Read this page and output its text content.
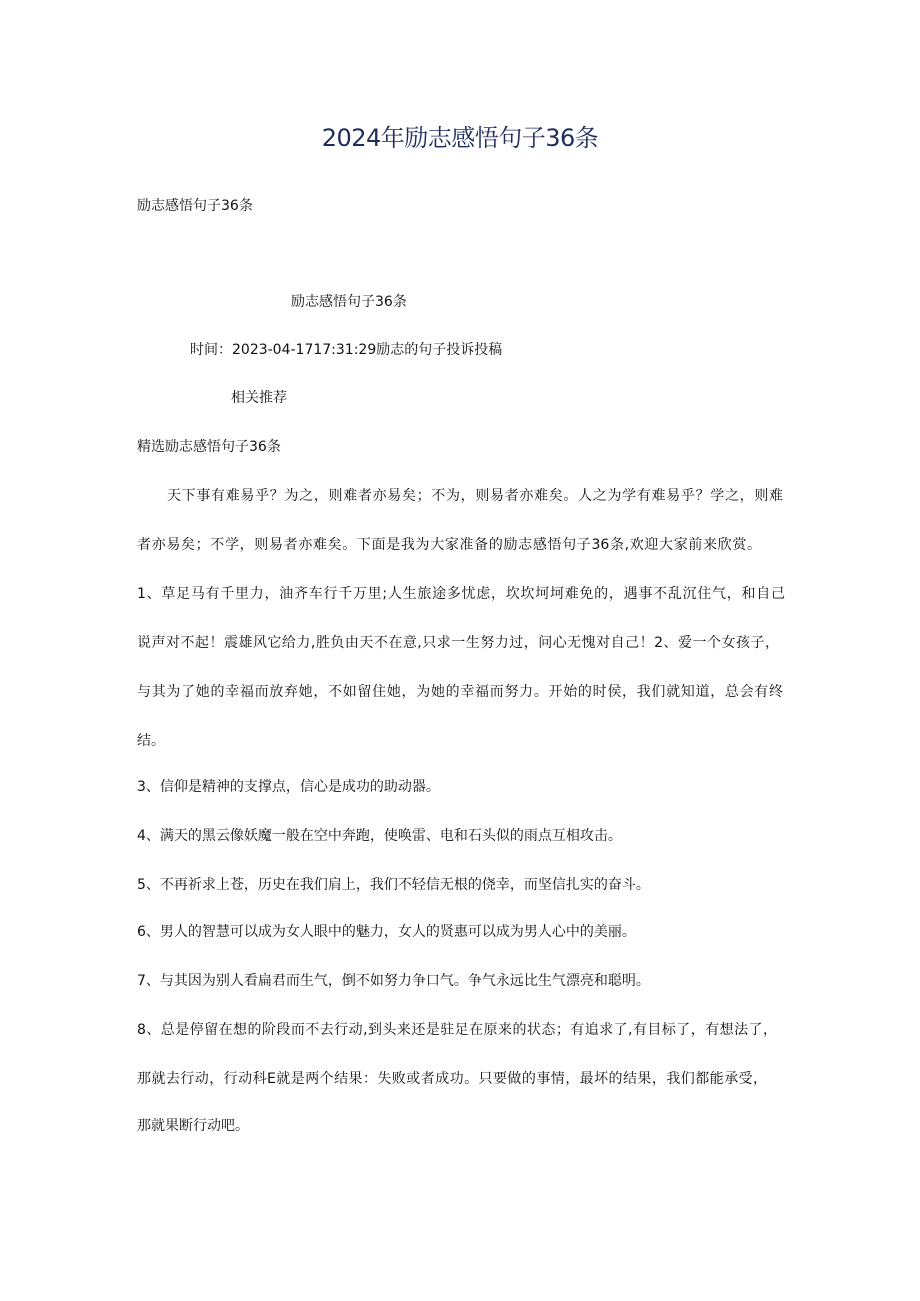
2024年励志感悟句子36条
励志感悟句子36条
励志感悟句子36条
时间：2023-04-1717:31:29励志的句子投诉投稿
相关推荐
精选励志感悟句子36条
天下事有难易乎？为之，则难者亦易矣；不为，则易者亦难矣。人之为学有难易乎？学之，则难
者亦易矣；不学，则易者亦难矣。下面是我为大家准备的励志感悟句子36条,欢迎大家前来欣赏。
1、草足马有千里力，油齐车行千万里;人生旅途多忧虑，坎坎坷坷难免的，遇事不乱沉住气，和自己
说声对不起！震雄风它给力,胜负由天不在意,只求一生努力过，问心无愧对自己！2、爱一个女孩子，
与其为了她的幸福而放弃她，不如留住她，为她的幸福而努力。开始的时侯，我们就知道，总会有终
结。
3、信仰是精神的支撑点，信心是成功的助动器。
4、满天的黑云像妖魔一般在空中奔跑，使唤雷、电和石头似的雨点互相攻击。
5、不再祈求上苍，历史在我们肩上，我们不轻信无根的侥幸，而坚信扎实的奋斗。
6、男人的智慧可以成为女人眼中的魅力，女人的贤惠可以成为男人心中的美丽。
7、与其因为别人看扁君而生气，倒不如努力争口气。争气永远比生气漂亮和聪明。
8、总是停留在想的阶段而不去行动,到头来还是驻足在原来的状态；有追求了,有目标了，有想法了，
那就去行动，行动科E就是两个结果：失败或者成功。只要做的事情，最坏的结果，我们都能承受，
那就果断行动吧。
